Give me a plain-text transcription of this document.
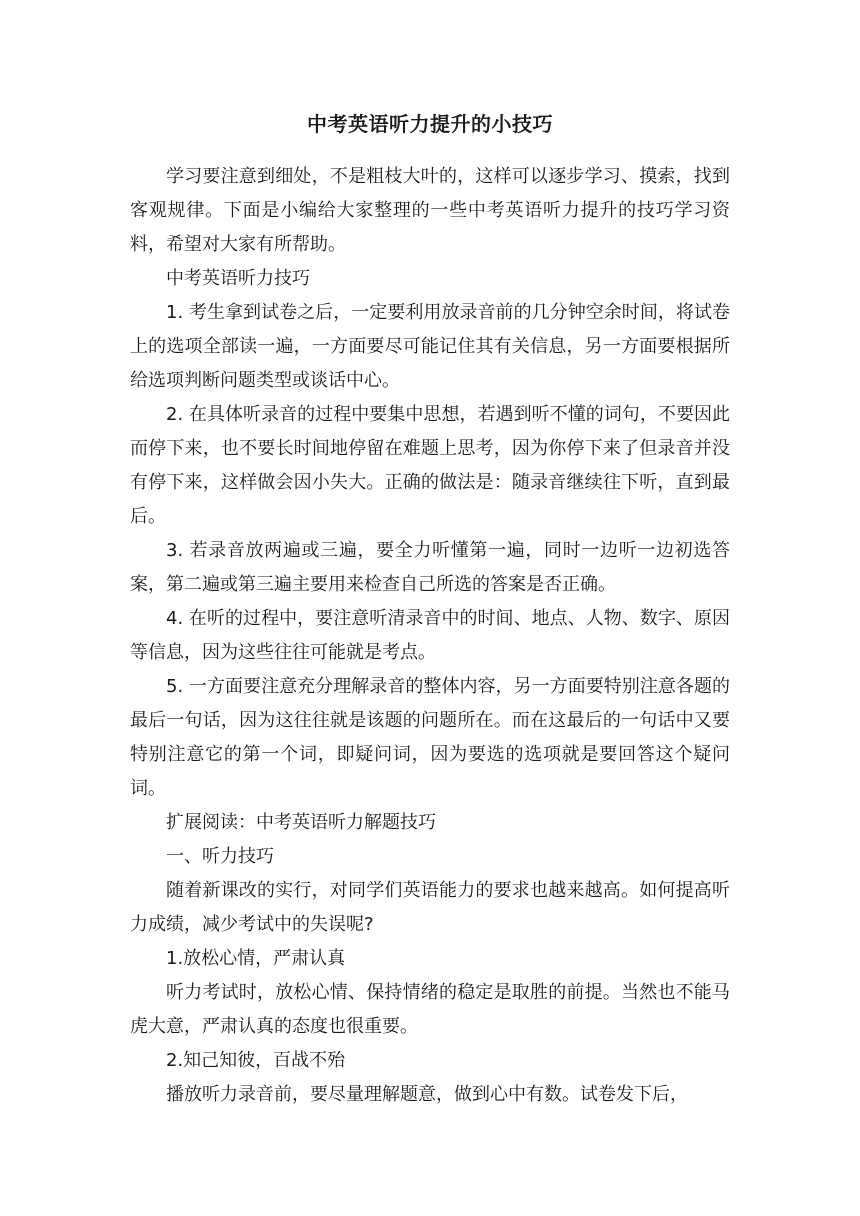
中考英语听力提升的小技巧

学习要注意到细处，不是粗枝大叶的，这样可以逐步学习、摸索，找到客观规律。下面是小编给大家整理的一些中考英语听力提升的技巧学习资料，希望对大家有所帮助。

中考英语听力技巧

1. 考生拿到试卷之后，一定要利用放录音前的几分钟空余时间，将试卷上的选项全部读一遍，一方面要尽可能记住其有关信息，另一方面要根据所给选项判断问题类型或谈话中心。

2. 在具体听录音的过程中要集中思想，若遇到听不懂的词句，不要因此而停下来，也不要长时间地停留在难题上思考，因为你停下来了但录音并没有停下来，这样做会因小失大。正确的做法是：随录音继续往下听，直到最后。

3. 若录音放两遍或三遍，要全力听懂第一遍，同时一边听一边初选答案，第二遍或第三遍主要用来检查自己所选的答案是否正确。

4. 在听的过程中，要注意听清录音中的时间、地点、人物、数字、原因等信息，因为这些往往可能就是考点。

5. 一方面要注意充分理解录音的整体内容，另一方面要特别注意各题的最后一句话，因为这往往就是该题的问题所在。而在这最后的一句话中又要特别注意它的第一个词，即疑问词，因为要选的选项就是要回答这个疑问词。

扩展阅读：中考英语听力解题技巧

一、听力技巧

随着新课改的实行，对同学们英语能力的要求也越来越高。如何提高听力成绩，减少考试中的失误呢?

1.放松心情，严肃认真

听力考试时，放松心情、保持情绪的稳定是取胜的前提。当然也不能马虎大意，严肃认真的态度也很重要。

2.知己知彼，百战不殆

播放听力录音前，要尽量理解题意，做到心中有数。试卷发下后，
